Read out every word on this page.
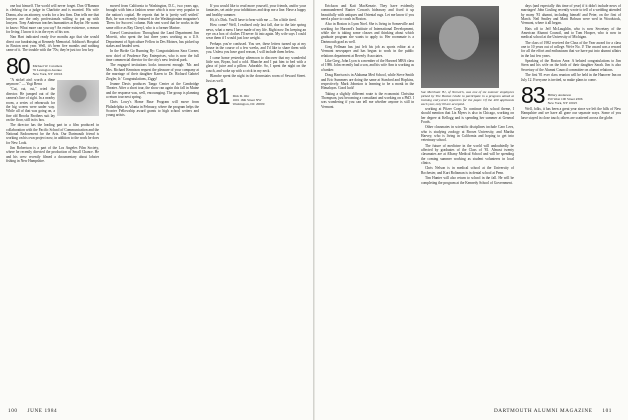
one but himself. The world will never forget. Don O'Rannon is clerking for a judge in Charlotte and is married. His wife Donna, also an attorney, works for a law firm. Don tells me that lawyers are the only professionals willing to put up with lawyers. Tony Anderson teaches humanities at Baylor. He wants to know: What more can you say? An entire existence, a reason for living. I know it is in the eyes of his son.

Nan Hart indicated ready five months ago that she would direct our fundraising at Kennedy Memorial. Addison's Hospital in Boston next year. Well, it's been five months and nothing came of it. The trouble with the '70s; they're just too low key.

80 Michael W. Carothers
76 Lexington Avenue
New York, NY 10016

"A nickel ain't worth a dime anymore." — Yogi Berra

"Cut, cut, cut," cried the director. He jumped out of the camera's line of sight. In a nearby room, a series of rehearsals for the big screen were under way. While all of that was going on, a fine old Brooks Brothers suit lay on the floor, still in its box.

The director has the leading part in a film produced in collaboration with the Pacific School of Communication and the National Endowment for the Arts. Our Dartmouth friend is working on his own project now, in addition to the work he does for New Look.

Jim Robertson is a part of the Los Angeles Film Society, where he recently directed the production of Small Chance. He and his crew recently filmed a documentary about lobster fishing in New Hampshire.

moved from California to Washington, D.C., two years ago, brought with him a fashion sense which is now very popular in the nation's capital. He reports that he is 'pretty well settled.' Bob, he was recently featured in the Washingtonian magazine's 'Dress for Success' column. Bob sent word that he works in the same office as Ray Cheryl, who is a former Marine.

Gravel Construction: Throughout the Land Department Jim Moretti, who spent the last three years working as a U.S. Department of Agriculture Fellow in Des Moines, has picked up stakes and headed west.

In the Birdie Go Running By: Congratulations Sara Corner, now chief of Prudence Bay Enterprises, who is now the full time commercial director for the city's new festival park.

The engaged invitations looks innocent enough: 'Mr. and Mrs. Richard Kennison request the pleasure of your company at the marriage of their daughter Karen to Dr. Richard Gabriel Ziegler, Jr.' Congratulations, Ziggy!

Jeanne Davis produces Tango Center at the Cambridge Theater. After a short tour, the show ran again this fall in Maine and the response was, well, encouraging. The group is planning a return tour next spring.

Chris Lowy's Home Base Program will move from Philadelphia to Atlanta in February, where the program helps the Scooter Fellowship award grants to high school writers and young artists.

If you would like to read more yourself, your friends, and/or your fantasies, set aside your inhibitions and drop me a line. Have a happy and healthy summer.

Hi, it's Dirk. You'll have to bear with me — I'm a little tired.

How come? Well, I realized only last fall, due to the late spring news, what a mess I have made of my life. Right now I'm keeping an eye on a box of clothes I'll never fit into again. My wife says I could wear them if I would just lose weight.

Perhaps you're confused. You see, these letters turned up at my house in the course of a few weeks, and I'd like to share them with you. Unless you have good reason, I will include them below.

I came home yesterday afternoon to discover that my wonderful little son, Bryan, had a cold. Blanche and I put him to bed with a glass of juice and a pillow. Adorable. So, I spent the night on the couch, and woke up with a crick in my neck.

Blanche spent the night in the downstairs room of Seward Street. Just as well.

81 Dirk D. Ohr
1601 16th Street NW
Washington, DC 20009
100 JUNE 1984

Erickson and Kati MacKenzie. They have evidently commandeered Ranier Cowan's hideaway and fixed it up beautifully with antiques and Oriental rugs. Let me know if you need a place to crash in Boston.

Also in Boston is Lynn Noel. She is living in Somerville and working for Harvard's Institute of International Development, while she is taking some classes and thinking about which graduate program she wants to apply to. Her roommate is a Dartmouth grad as well.

Greg Fellman has just left his job as sports editor at a Vermont newspaper and has begun to work in the public relations department at Beverly Associates.

Like Greg, John Lyon is a member of the Harvard MBA class of 1986. John recently had a son, and his wife Ann is working as a banker.

Doug Harrison is in Alabama Med School, while Steve Smith and Eric Summers are doing the same at Stanford and Hopkins, respectively. Mark Johnston is learning to be a monk in the Himalayas. Good luck!

Taking a slightly different route is the economist Christina Thompson, just becoming a consultant and working on a PhD. I was wondering if you can tell me whether anyone is still in Vermont.

Sue Merchant '81, of Norwich, was one of six summer employees picked by The Boston Globe to participate in a program aimed at training entry-level reporters for the paper. Of the 400 applicants each year, only 60 are accepted.

working at Pfizer Corp. To continue this school theme, I should mention that Liz Myers is also in Chicago, working on her degree at Kellogg and is spending her summer at General Foods.

Other classmates in scientific disciplines include Caro Lees, who is studying zoology at Brown University, and Martha Harvey, who is living in California and hoping to get into veterinary school.

The future of medicine in the world will undoubtedly be affected by graduates of the Class of '81. Almost twenty classmates are at Albany Medical School and will be spending the coming summer working as student volunteers in local clinics.

Chris Nelson is in medical school at the University of Rochester, and Kurt Boltzman is in dental school at Penn.

Tim Hunter will also return to school in the fall. He will be completing the program at the Kennedy School of Government.

days (and especially this time of year) if it didn't include news of marriages! John Couling recently wrote to tell of a wedding attended by many '81 alumni, including himself and Peter, on the first of March. Neil Smiley and Marti Bobson were wed in Woodstock, Vermont, where it all began.

Hats off to Jeff McLaughlin, who is now Secretary of the American Alumni Council, and to Tom Hooper, who is now in medical school at the University of Michigan.

The class of 1982 received the Class of the Year award for a class one to 10 years out of college. We're No. 1! The award was a reward for all the effort and enthusiasm that we have put into alumni affairs in the last few years.

Speaking of the Boston Area: A belated congratulations to Jim Stern and his wife on the birth of their daughter Sarah. Jim is also Secretary of the Alumni Council committee on alumni relations.

The first '81 ever class reunion will be held in the Hanover Inn on July 12. Everyone is invited, so make plans to come.

83 Hillary Anderson
250 West 100 Street #306
New York, NY 10025

Well, folks, it has been a great year since we left the hills of New Hampshire and we have all gone our separate ways. Some of you have stayed in close touch; others are scattered across the globe.

DARTMOUTH ALUMNI MAGAZINE 101
